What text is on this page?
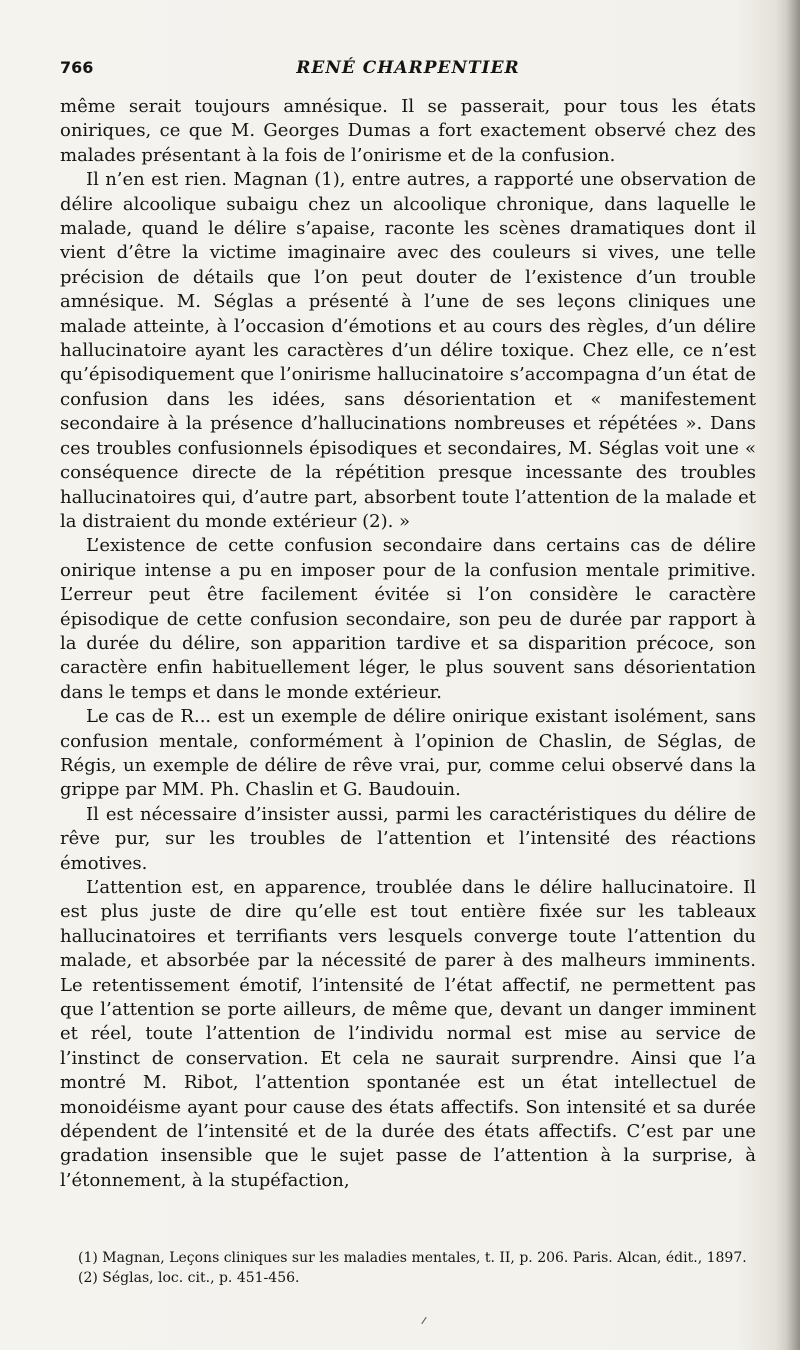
766	RENÉ CHARPENTIER

même serait toujours amnésique. Il se passerait, pour tous les états oniriques, ce que M. Georges Dumas a fort exactement observé chez des malades présentant à la fois de l’onirisme et de la confusion.

Il n’en est rien. Magnan (1), entre autres, a rapporté une observation de délire alcoolique subaigu chez un alcoolique chronique, dans laquelle le malade, quand le délire s’apaise, raconte les scènes dramatiques dont il vient d’être la victime imaginaire avec des couleurs si vives, une telle précision de détails que l’on peut douter de l’existence d’un trouble amnésique. M. Séglas a présenté à l’une de ses leçons cliniques une malade atteinte, à l’occasion d’émotions et au cours des règles, d’un délire hallucinatoire ayant les caractères d’un délire toxique. Chez elle, ce n’est qu’épisodiquement que l’onirisme hallucinatoire s’accompagna d’un état de confusion dans les idées, sans désorientation et « manifestement secondaire à la présence d’hallucinations nombreuses et répétées ». Dans ces troubles confusionnels épisodiques et secondaires, M. Séglas voit une « conséquence directe de la répétition presque incessante des troubles hallucinatoires qui, d’autre part, absorbent toute l’attention de la malade et la distraient du monde extérieur (2). »

L’existence de cette confusion secondaire dans certains cas de délire onirique intense a pu en imposer pour de la confusion mentale primitive. L’erreur peut être facilement évitée si l’on considère le caractère épisodique de cette confusion secondaire, son peu de durée par rapport à la durée du délire, son apparition tardive et sa disparition précoce, son caractère enfin habituellement léger, le plus souvent sans désorientation dans le temps et dans le monde extérieur.

Le cas de R... est un exemple de délire onirique existant isolément, sans confusion mentale, conformément à l’opinion de Chaslin, de Séglas, de Régis, un exemple de délire de rêve vrai, pur, comme celui observé dans la grippe par MM. Ph. Chaslin et G. Baudouin.

Il est nécessaire d’insister aussi, parmi les caractéristiques du délire de rêve pur, sur les troubles de l’attention et l’intensité des réactions émotives.

L’attention est, en apparence, troublée dans le délire hallucinatoire. Il est plus juste de dire qu’elle est tout entière fixée sur les tableaux hallucinatoires et terrifiants vers lesquels converge toute l’attention du malade, et absorbée par la nécessité de parer à des malheurs imminents. Le retentissement émotif, l’intensité de l’état affectif, ne permettent pas que l’attention se porte ailleurs, de même que, devant un danger imminent et réel, toute l’attention de l’individu normal est mise au service de l’instinct de conservation. Et cela ne saurait surprendre. Ainsi que l’a montré M. Ribot, l’attention spontanée est un état intellectuel de monoidéisme ayant pour cause des états affectifs. Son intensité et sa durée dépendent de l’intensité et de la durée des états affectifs. C’est par une gradation insensible que le sujet passe de l’attention à la surprise, à l’étonnement, à la stupéfaction,

(1) Magnan, Leçons cliniques sur les maladies mentales, t. II, p. 206. Paris. Alcan, édit., 1897.

(2) Séglas, loc. cit., p. 451-456.
